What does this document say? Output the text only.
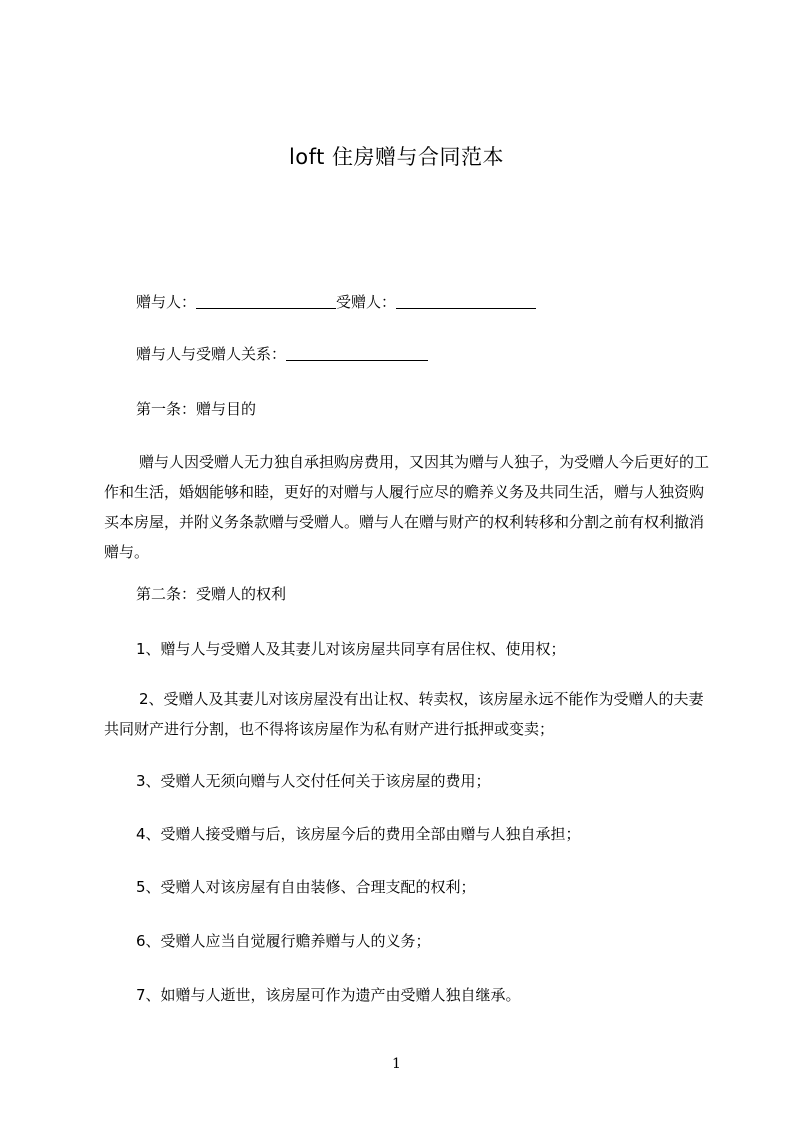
loft 住房赠与合同范本
赠与人：	受赠人：
赠与人与受赠人关系：
第一条：赠与目的

赠与人因受赠人无力独自承担购房费用，又因其为赠与人独子，为受赠人今后更好的工作和生活，婚姻能够和睦，更好的对赠与人履行应尽的赡养义务及共同生活，赠与人独资购买本房屋，并附义务条款赠与受赠人。赠与人在赠与财产的权利转移和分割之前有权利撤消赠与。

第二条：受赠人的权利
1、赠与人与受赠人及其妻儿对该房屋共同享有居住权、使用权；

2、受赠人及其妻儿对该房屋没有出让权、转卖权，该房屋永远不能作为受赠人的夫妻共同财产进行分割，也不得将该房屋作为私有财产进行抵押或变卖；

3、受赠人无须向赠与人交付任何关于该房屋的费用；
4、受赠人接受赠与后，该房屋今后的费用全部由赠与人独自承担；
5、受赠人对该房屋有自由装修、合理支配的权利；
6、受赠人应当自觉履行赡养赠与人的义务；
7、如赠与人逝世，该房屋可作为遗产由受赠人独自继承。
1
